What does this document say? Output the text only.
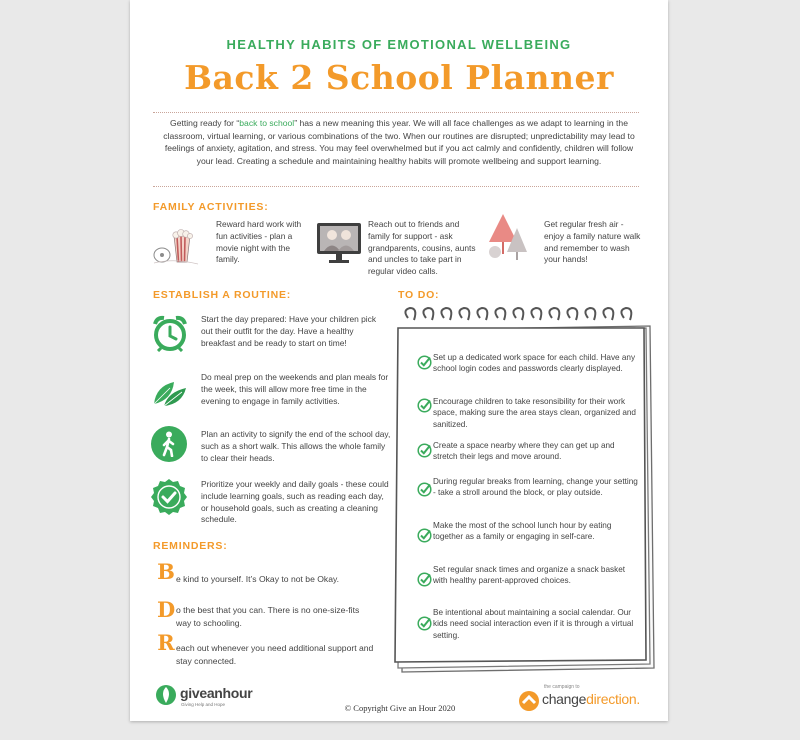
HEALTHY HABITS OF EMOTIONAL WELLBEING
Back 2 School Planner
Getting ready for “back to school” has a new meaning this year. We will all face challenges as we adapt to learning in the classroom, virtual learning, or various combinations of the two. When our routines are disrupted; unpredictability may lead to feelings of anxiety, agitation, and stress. You may feel overwhelmed but if you act calmly and confidently, children will follow your lead. Creating a schedule and maintaining healthy habits will promote wellbeing and support learning.
FAMILY ACTIVITIES:
Reward hard work with fun activities - plan a movie night with the family.
Reach out to friends and family for support - ask grandparents, cousins, aunts and uncles to take part in regular video calls.
Get regular fresh air - enjoy a family nature walk and remember to wash your hands!
ESTABLISH A ROUTINE:
Start the day prepared: Have your children pick out their outfit for the day. Have a healthy breakfast and be ready to start on time!
Do meal prep on the weekends and plan meals for the week, this will allow more free time in the evening to engage in family activities.
Plan an activity to signify the end of the school day, such as a short walk. This allows the whole family to clear their heads.
Prioritize your weekly and daily goals - these could include learning goals, such as reading each day, or household goals, such as creating a cleaning schedule.
REMINDERS:
B e kind to yourself. It’s Okay to not be Okay.
D o the best that you can. There is no one-size-fits way to schooling.
R each out whenever you need additional support and stay connected.
TO DO:
Set up a dedicated work space for each child. Have any school login codes and passwords clearly displayed.
Encourage children to take resonsibility for their work space, making sure the area stays clean, organized and sanitized.
Create a space nearby where they can get up and stretch their legs and move around.
During regular breaks from learning, change your setting - take a stroll around the block, or play outside.
Make the most of the school lunch hour by eating together as a family or engaging in self-care.
Set regular snack times and organize a snack basket with healthy parent-approved choices.
Be intentional about maintaining a social calendar. Our kids need social interaction even if it is through a virtual setting.
giveanhour
Giving Help and Hope	© Copyright Give an Hour 2020
the campaign to
changedirection.
